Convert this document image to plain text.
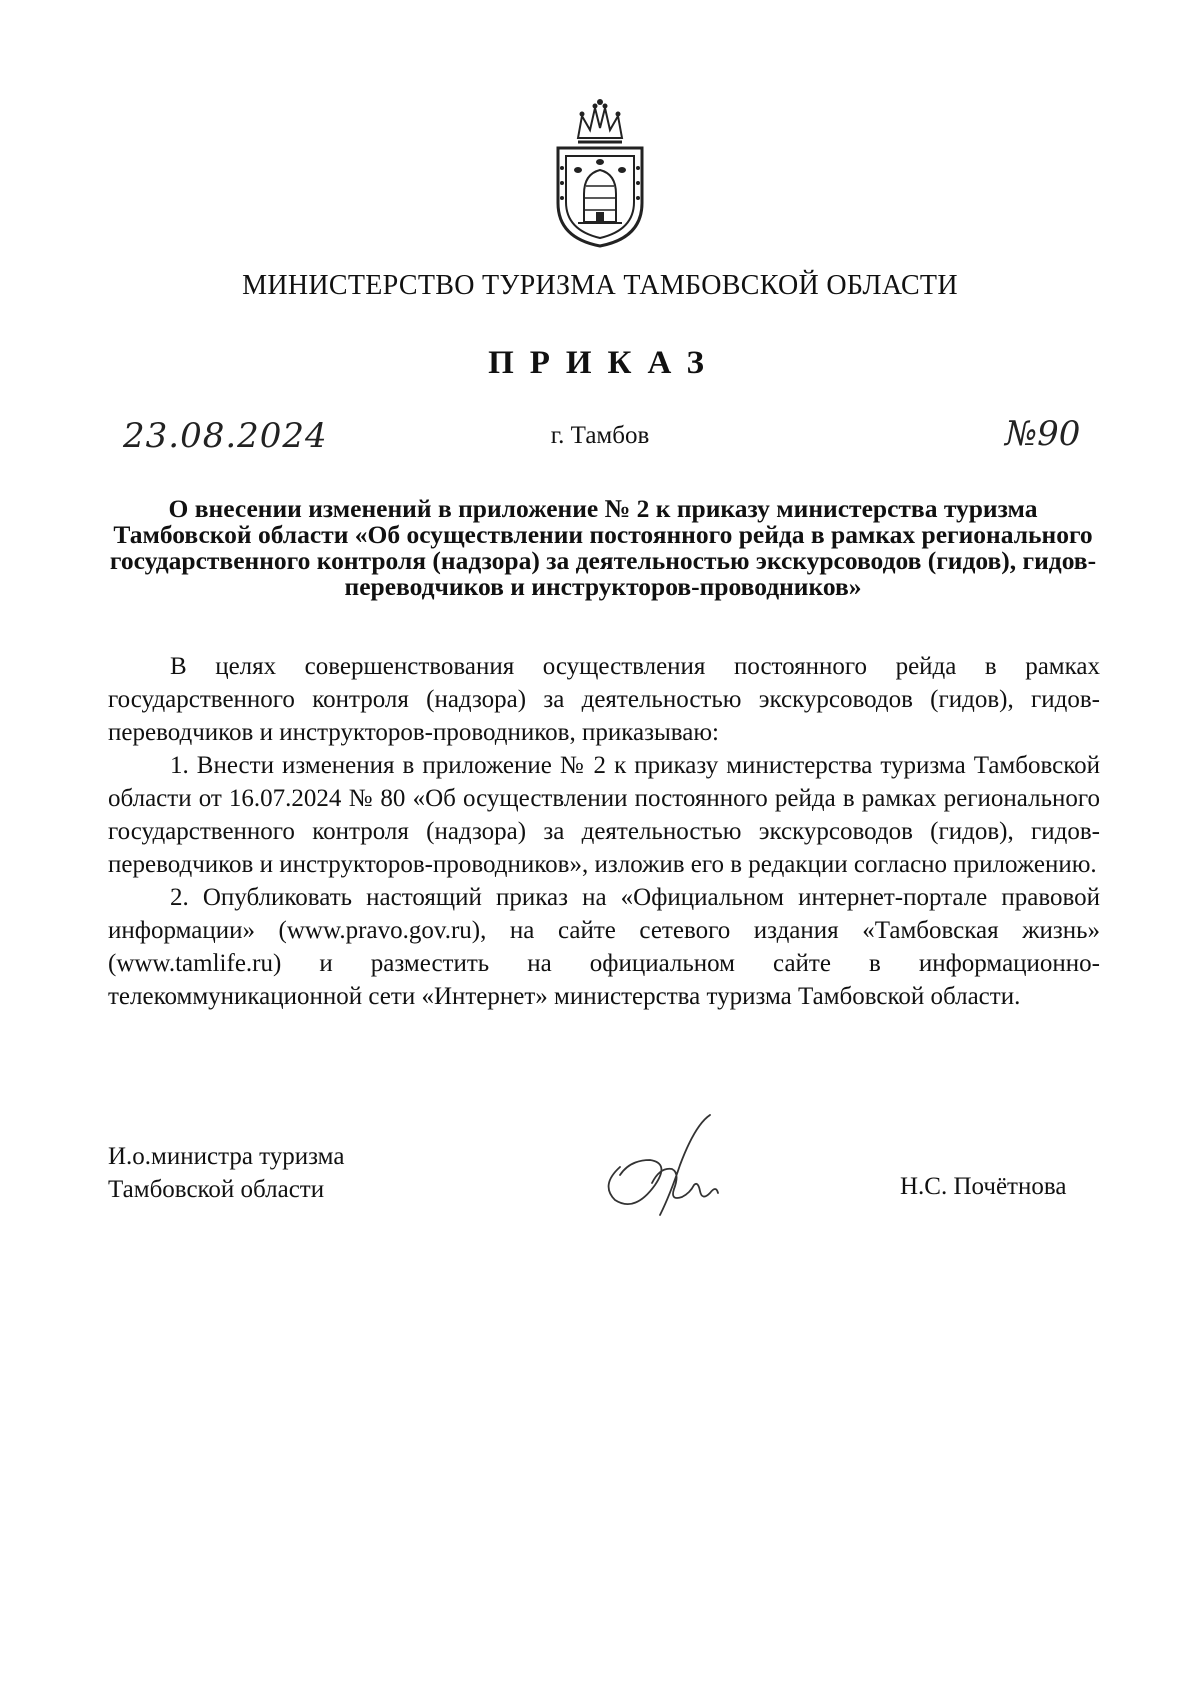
МИНИСТЕРСТВО ТУРИЗМА ТАМБОВСКОЙ ОБЛАСТИ
ПРИКАЗ
23.08.2024	г. Тамбов	№90
О внесении изменений в приложение № 2 к приказу министерства туризма Тамбовской области «Об осуществлении постоянного рейда в рамках регионального государственного контроля (надзора) за деятельностью экскурсоводов (гидов), гидов-переводчиков и инструкторов-проводников»

В целях совершенствования осуществления постоянного рейда в рамках государственного контроля (надзора) за деятельностью экскурсоводов (гидов), гидов-переводчиков и инструкторов-проводников, приказываю:

1. Внести изменения в приложение № 2 к приказу министерства туризма Тамбовской области от 16.07.2024 № 80 «Об осуществлении постоянного рейда в рамках регионального государственного контроля (надзора) за деятельностью экскурсоводов (гидов), гидов-переводчиков и инструкторов-проводников», изложив его в редакции согласно приложению.

2. Опубликовать настоящий приказ на «Официальном интернет-портале правовой информации» (www.pravo.gov.ru), на сайте сетевого издания «Тамбовская жизнь» (www.tamlife.ru) и разместить на официальном сайте в информационно-телекоммуникационной сети «Интернет» министерства туризма Тамбовской области.

И.о.министра туризма
Тамбовской области	Н.С. Почётнова
